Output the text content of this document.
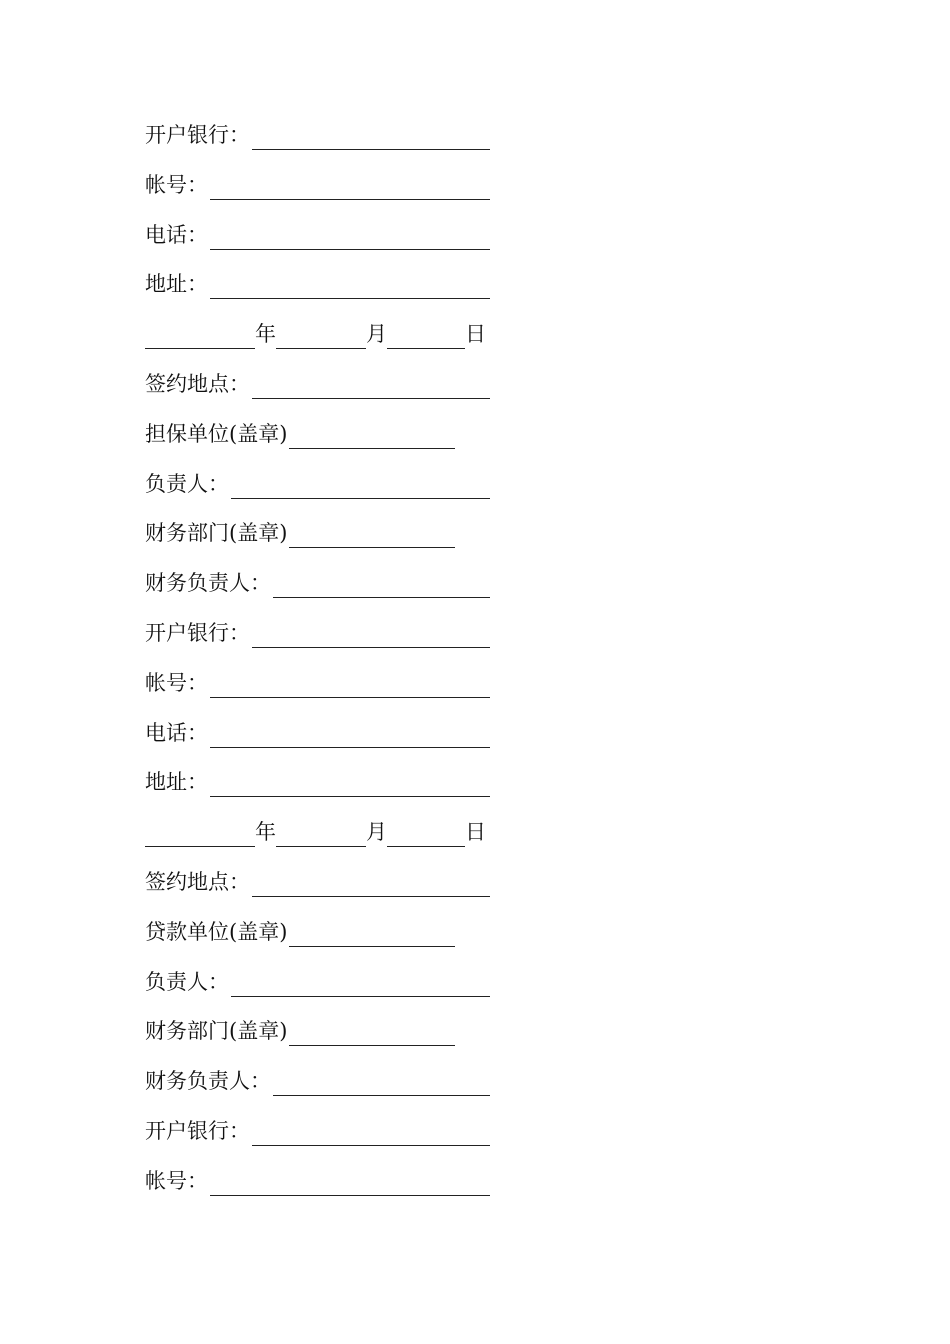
开户银行：
帐号：
电话：
地址：
年	月	日
签约地点：
担保单位(盖章)
负责人：
财务部门(盖章)
财务负责人：
开户银行：
帐号：
电话：
地址：
年	月	日
签约地点：
贷款单位(盖章)
负责人：
财务部门(盖章)
财务负责人：
开户银行：
帐号：
